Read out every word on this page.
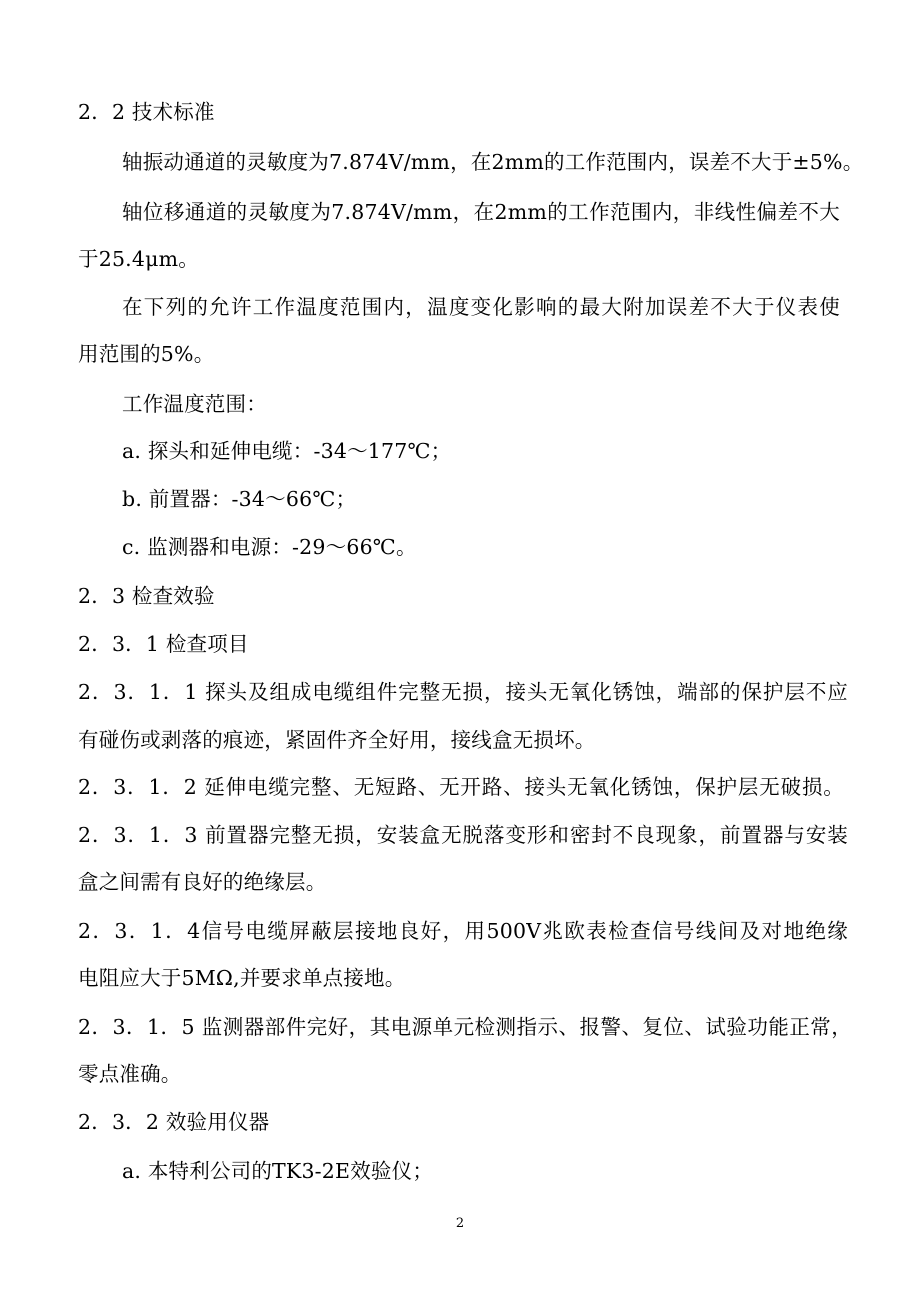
2．2 技术标准
轴振动通道的灵敏度为7.874V/mm，在2mm的工作范围内，误差不大于±5%。
轴位移通道的灵敏度为7.874V/mm，在2mm的工作范围内，非线性偏差不大
于25.4μm。
在下列的允许工作温度范围内，温度变化影响的最大附加误差不大于仪表使
用范围的5%。
工作温度范围：
a. 探头和延伸电缆：-34～177℃；
b. 前置器：-34～66℃；
c. 监测器和电源：-29～66℃。
2．3 检查效验
2．3．1 检查项目
2．3．1．1 探头及组成电缆组件完整无损，接头无氧化锈蚀，端部的保护层不应
有碰伤或剥落的痕迹，紧固件齐全好用，接线盒无损坏。
2．3．1．2 延伸电缆完整、无短路、无开路、接头无氧化锈蚀，保护层无破损。
2．3．1．3 前置器完整无损，安装盒无脱落变形和密封不良现象，前置器与安装
盒之间需有良好的绝缘层。
2．3．1．4信号电缆屏蔽层接地良好，用500V兆欧表检查信号线间及对地绝缘
电阻应大于5MΩ,并要求单点接地。
2．3．1．5 监测器部件完好，其电源单元检测指示、报警、复位、试验功能正常，
零点准确。
2．3．2 效验用仪器
a. 本特利公司的TK3-2E效验仪；
2
